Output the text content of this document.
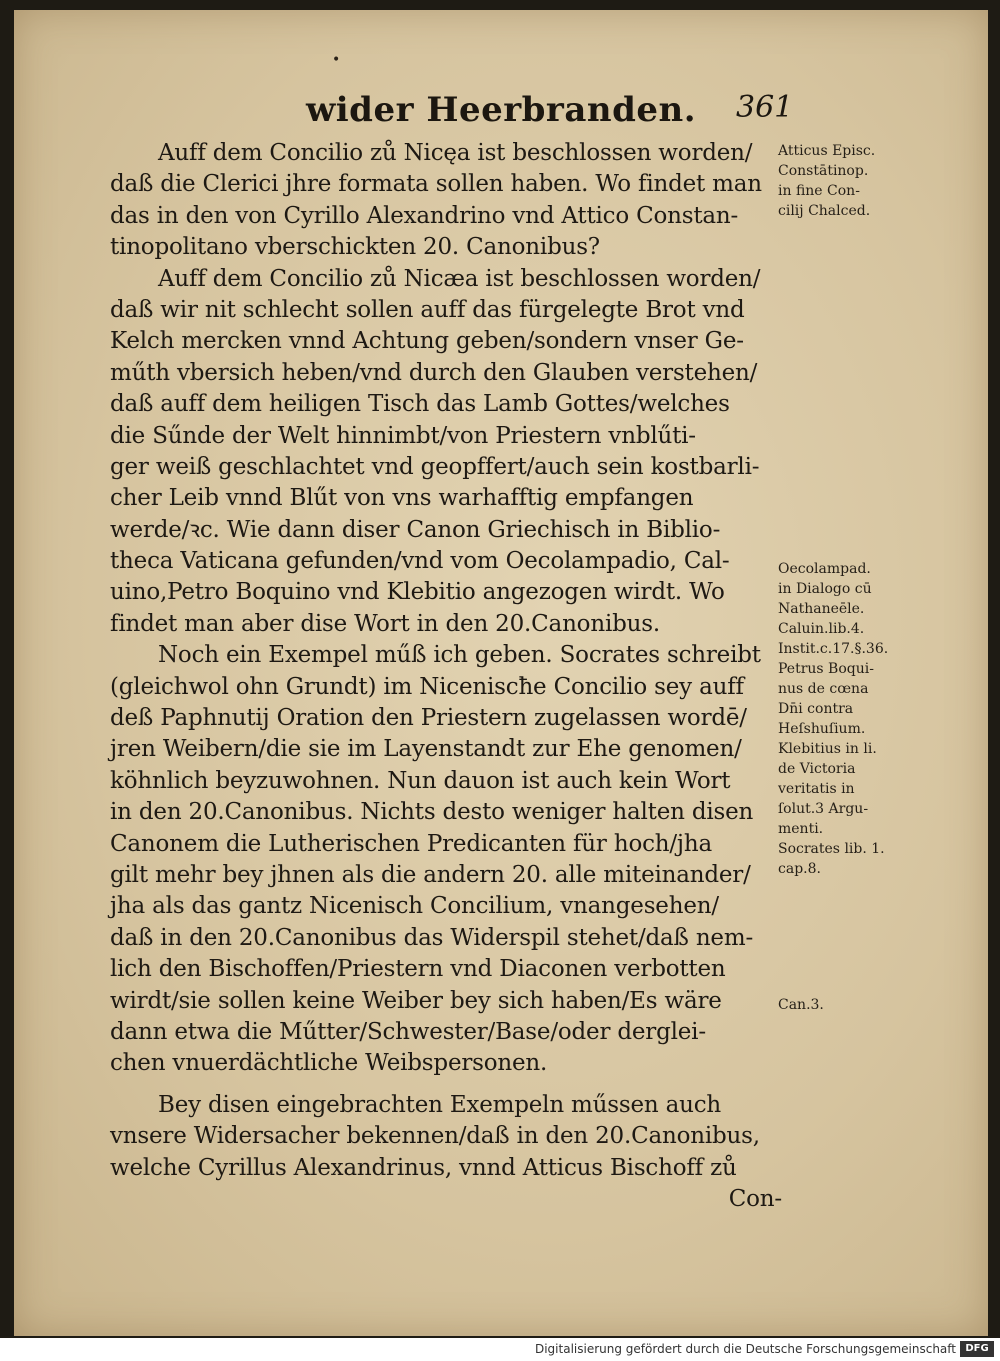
•
wider Heerbranden. 361
Auff dem Concilio zů Nicęa ist beschlossen worden/
daß die Clerici jhre formata sollen haben. Wo findet man
das in den von Cyrillo Alexandrino vnd Attico Constan-
tinopolitano vberschickten 20. Canonibus?
Auff dem Concilio zů Nicæa ist beschlossen worden/
daß wir nit schlecht sollen auff das fürgelegte Brot vnd
Kelch mercken vnnd Achtung geben/sondern vnser Ge-
műth vbersich heben/vnd durch den Glauben verstehen/
daß auff dem heiligen Tisch das Lamb Gottes/welches
die Sűnde der Welt hinnimbt/von Priestern vnblűti-
ger weiß geschlachtet vnd geopffert/auch sein kostbarli-
cher Leib vnnd Blűt von vns warhafftig empfangen
werde/ꝛc. Wie dann diser Canon Griechisch in Biblio-
theca Vaticana gefunden/vnd vom Oecolampadio, Cal-
uino,Petro Boquino vnd Klebitio angezogen wirdt. Wo
findet man aber dise Wort in den 20.Canonibus.
Noch ein Exempel műß ich geben. Socrates schreibt
(gleichwol ohn Grundt) im Niceniscħe Concilio sey auff
deß Paphnutij Oration den Priestern zugelassen wordē/
jren Weibern/die sie im Layenstandt zur Ehe genomen/
köhnlich beyzuwohnen. Nun dauon ist auch kein Wort
in den 20.Canonibus. Nichts desto weniger halten disen
Canonem die Lutherischen Predicanten für hoch/jha
gilt mehr bey jhnen als die andern 20. alle miteinander/
jha als das gantz Nicenisch Concilium, vnangesehen/
daß in den 20.Canonibus das Widerspil stehet/daß nem-
lich den Bischoffen/Priestern vnd Diaconen verbotten
wirdt/sie sollen keine Weiber bey sich haben/Es wäre
dann etwa die Műtter/Schwester/Base/oder derglei-
chen vnuerdächtliche Weibspersonen.
Bey disen eingebrachten Exempeln műssen auch
vnsere Widersacher bekennen/daß in den 20.Canonibus,
welche Cyrillus Alexandrinus, vnnd Atticus Bischoff zů
Con-
Atticus Episc.
Constātinop.
in fine Con-
cilij Chalced.
Oecolampad.
in Dialogo cū
Nathaneēle.
Caluin.lib.4.
Instit.c.17.§.36.
Petrus Boqui-
nus de cœna
Dn̄i contra
Heſshuſium.
Klebitius in li.
de Victoria
veritatis in
ſolut.3 Argu-
menti.
Socrates lib. 1.
cap.8.
Can.3.
Digitalisierung gefördert durch die Deutsche Forschungsgemeinschaft DFG
